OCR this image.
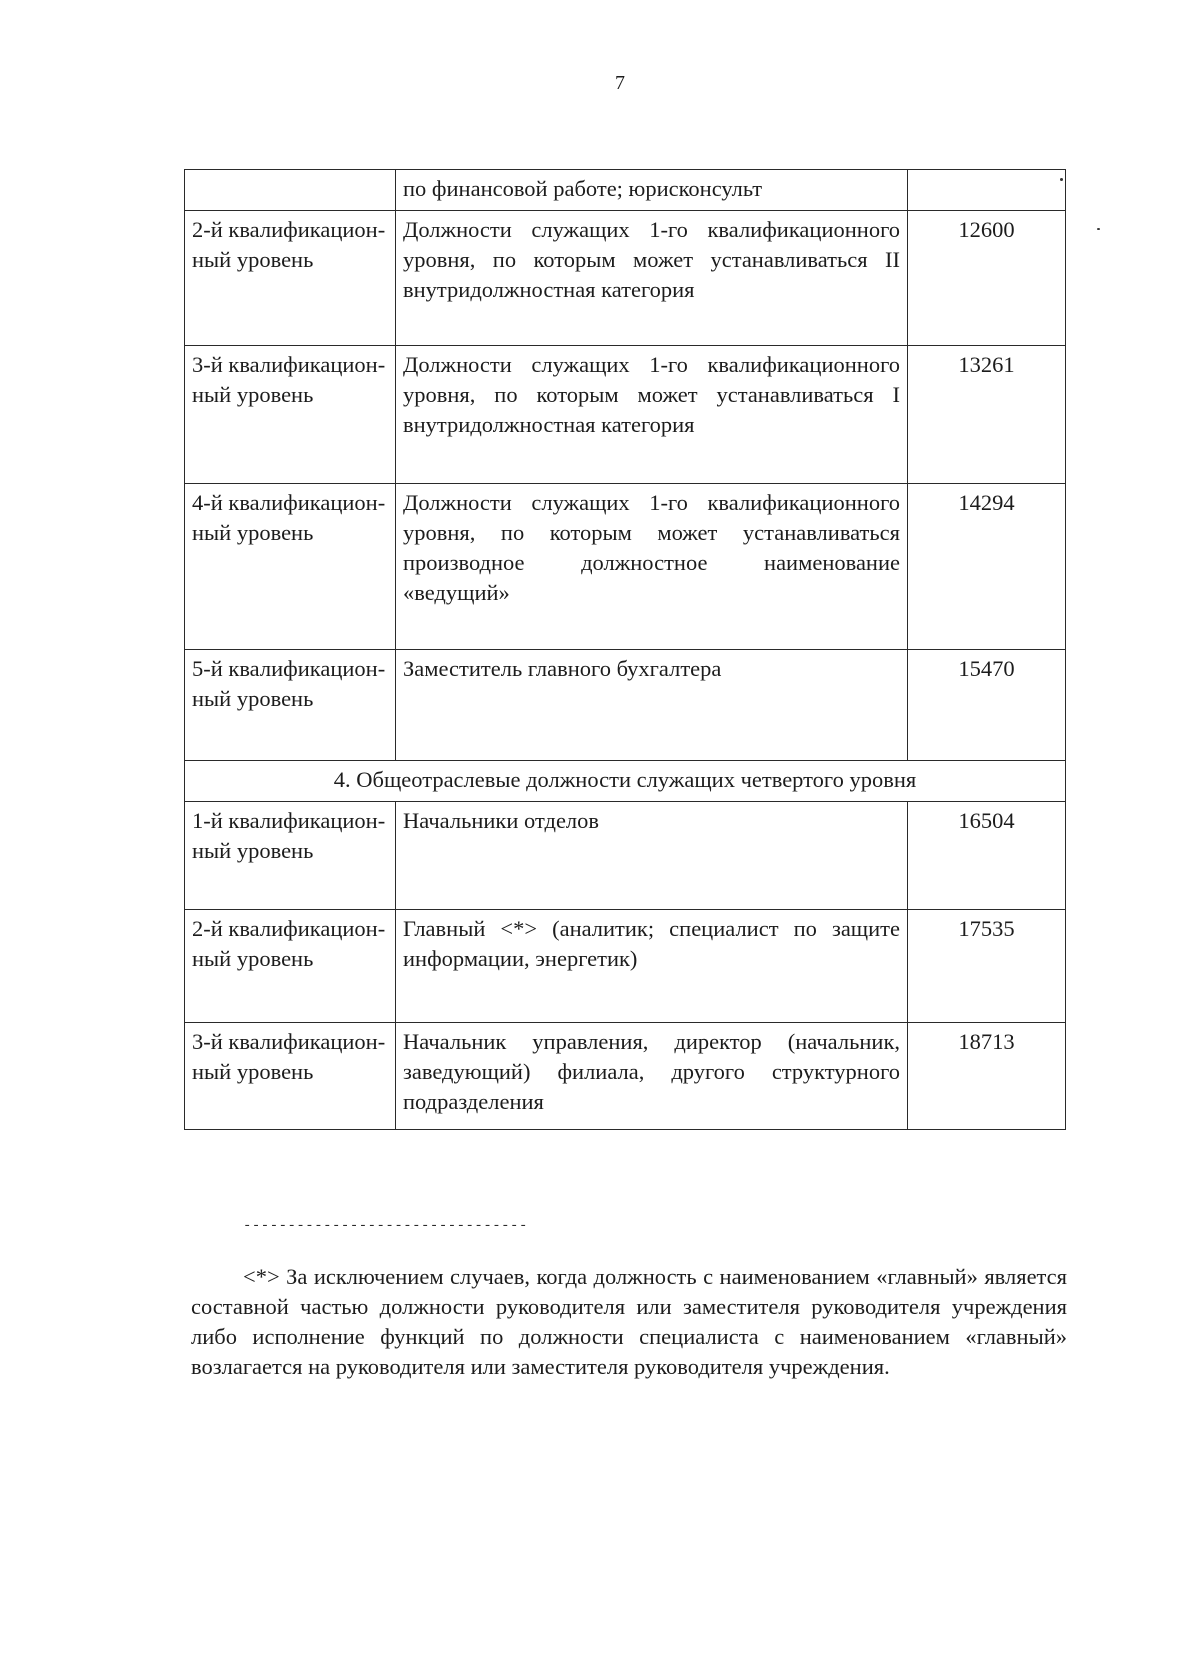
7
	по финансовой работе; юрисконсульт	
2-й квалификацион-ный уровень	Должности служащих 1-го квалификационного уровня, по которым может устанавливаться II внутридолжностная категория	12600
3-й квалификацион-ный уровень	Должности служащих 1-го квалификационного уровня, по которым может устанавливаться I внутридолжностная категория	13261
4-й квалификацион-ный уровень	Должности служащих 1-го квалификационного уровня, по которым может устанавливаться производное должностное наименование «ведущий»	14294
5-й квалификацион-ный уровень	Заместитель главного бухгалтера	15470
4. Общеотраслевые должности служащих четвертого уровня		
1-й квалификацион-ный уровень	Начальники отделов	16504
2-й квалификацион-ный уровень	Главный <*> (аналитик; специалист по защите информации, энергетик)	17535
3-й квалификацион-ный уровень	Начальник управления, директор (начальник, заведующий) филиала, другого структурного подразделения	18713
--------------------------------
<*> За исключением случаев, когда должность с наименованием «главный» является составной частью должности руководителя или заместителя руководителя учреждения либо исполнение функций по должности специалиста с наименованием «главный» возлагается на руководителя или заместителя руководителя учреждения.
